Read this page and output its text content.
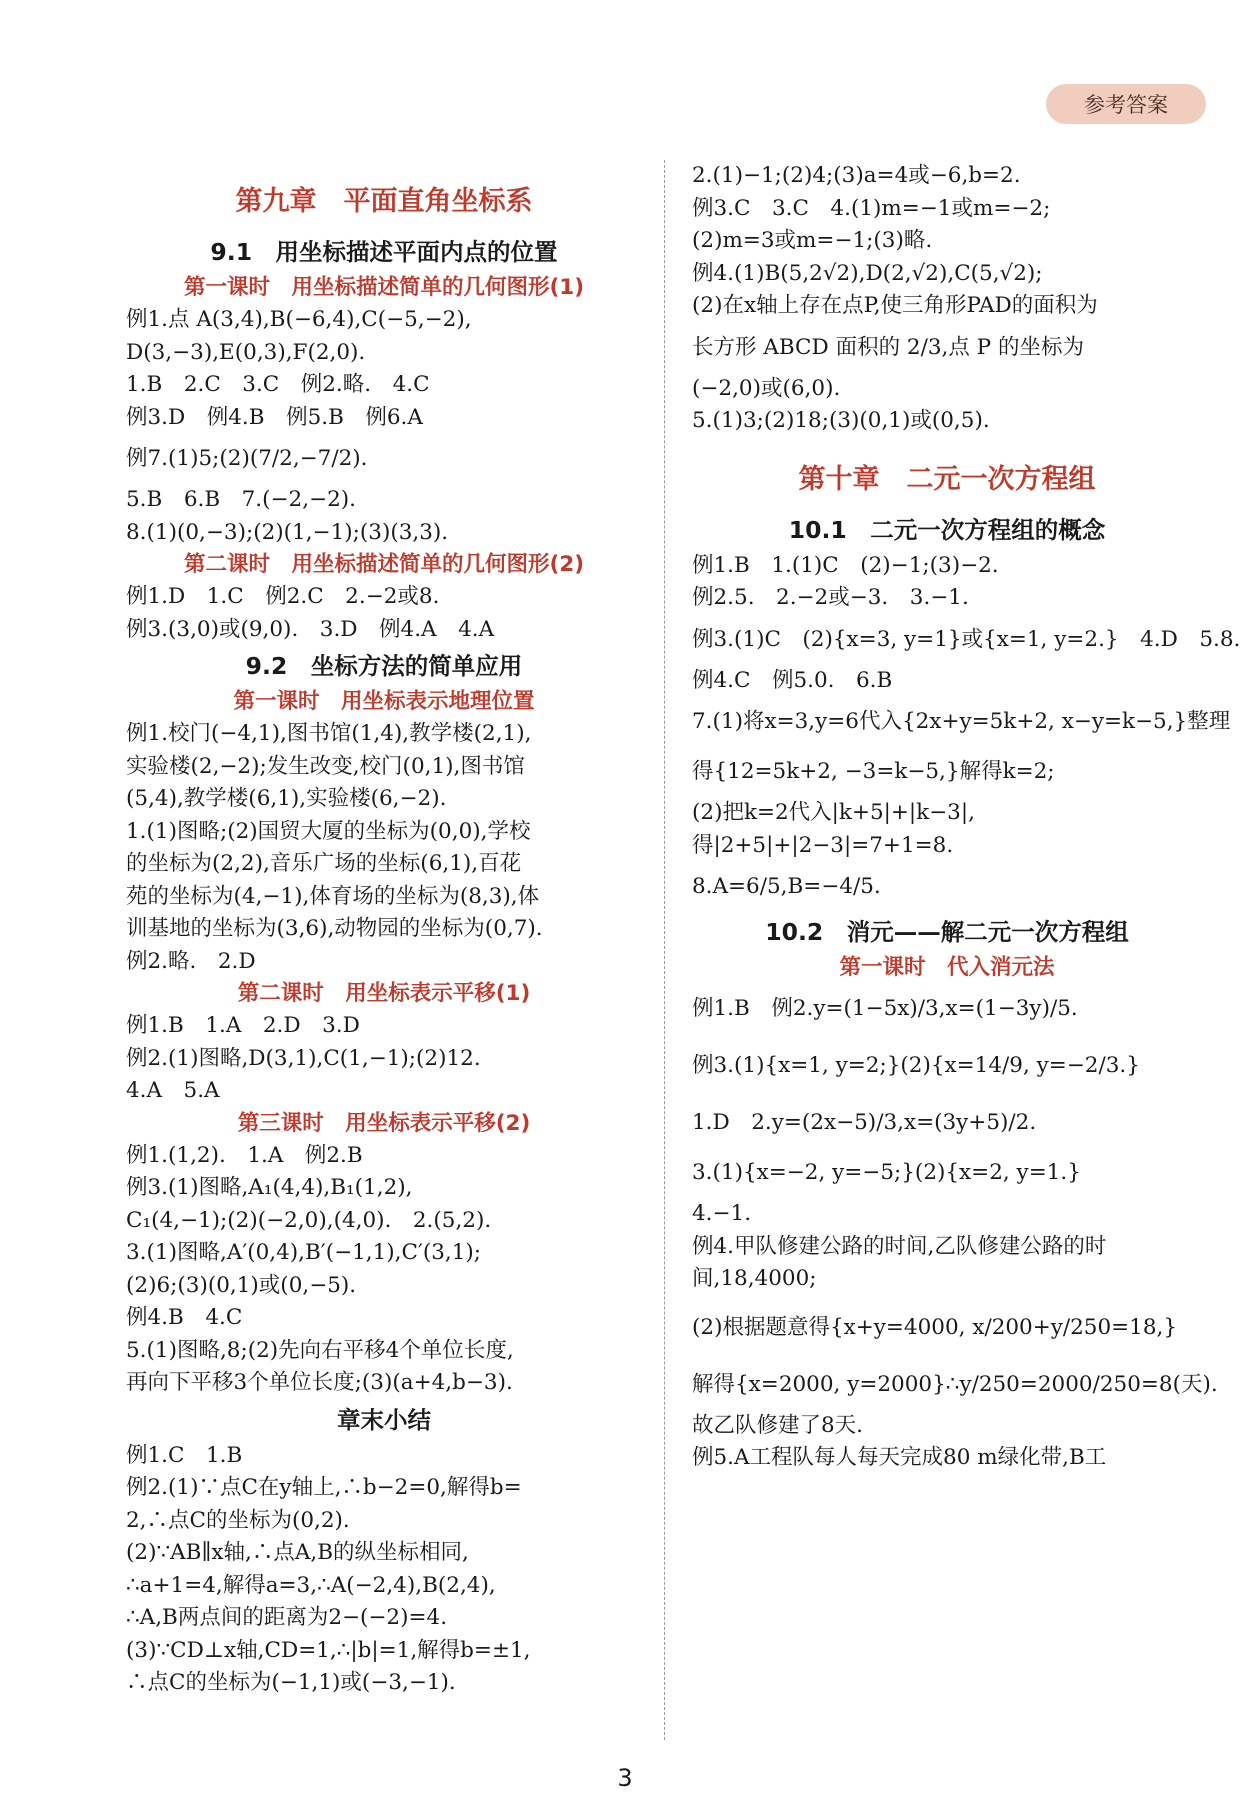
参考答案
第九章　平面直角坐标系
9.1　用坐标描述平面内点的位置
第一课时　用坐标描述简单的几何图形(1)
例1.点 A(3,4),B(−6,4),C(−5,−2),
D(3,−3),E(0,3),F(2,0).
1.B　2.C　3.C　例2.略.　4.C
例3.D　例4.B　例5.B　例6.A
例7.(1)5;(2)(7/2,−7/2).
5.B　6.B　7.(−2,−2).
8.(1)(0,−3);(2)(1,−1);(3)(3,3).
第二课时　用坐标描述简单的几何图形(2)
例1.D　1.C　例2.C　2.−2或8.
例3.(3,0)或(9,0).　3.D　例4.A　4.A
9.2　坐标方法的简单应用
第一课时　用坐标表示地理位置
例1.校门(−4,1),图书馆(1,4),教学楼(2,1),
实验楼(2,−2);发生改变,校门(0,1),图书馆
(5,4),教学楼(6,1),实验楼(6,−2).
1.(1)图略;(2)国贸大厦的坐标为(0,0),学校
的坐标为(2,2),音乐广场的坐标(6,1),百花
苑的坐标为(4,−1),体育场的坐标为(8,3),体
训基地的坐标为(3,6),动物园的坐标为(0,7).
例2.略.　2.D
第二课时　用坐标表示平移(1)
例1.B　1.A　2.D　3.D
例2.(1)图略,D(3,1),C(1,−1);(2)12.
4.A　5.A
第三课时　用坐标表示平移(2)
例1.(1,2).　1.A　例2.B
例3.(1)图略,A₁(4,4),B₁(1,2),
C₁(4,−1);(2)(−2,0),(4,0).　2.(5,2).
3.(1)图略,A′(0,4),B′(−1,1),C′(3,1);
(2)6;(3)(0,1)或(0,−5).
例4.B　4.C
5.(1)图略,8;(2)先向右平移4个单位长度,
再向下平移3个单位长度;(3)(a+4,b−3).
章末小结
例1.C　1.B
例2.(1)∵点C在y轴上,∴b−2=0,解得b=
2,∴点C的坐标为(0,2).
(2)∵AB∥x轴,∴点A,B的纵坐标相同,
∴a+1=4,解得a=3,∴A(−2,4),B(2,4),
∴A,B两点间的距离为2−(−2)=4.
(3)∵CD⊥x轴,CD=1,∴|b|=1,解得b=±1,
∴点C的坐标为(−1,1)或(−3,−1).
2.(1)−1;(2)4;(3)a=4或−6,b=2.
例3.C　3.C　4.(1)m=−1或m=−2;
(2)m=3或m=−1;(3)略.
例4.(1)B(5,2√2),D(2,√2),C(5,√2);
(2)在x轴上存在点P,使三角形PAD的面积为
长方形 ABCD 面积的 2/3,点 P 的坐标为
(−2,0)或(6,0).
5.(1)3;(2)18;(3)(0,1)或(0,5).
第十章　二元一次方程组
10.1　二元一次方程组的概念
例1.B　1.(1)C　(2)−1;(3)−2.
例2.5.　2.−2或−3.　3.−1.
例3.(1)C　(2){x=3, y=1}或{x=1, y=2.}　4.D　5.8.
例4.C　例5.0.　6.B
7.(1)将x=3,y=6代入{2x+y=5k+2, x−y=k−5,}整理
得{12=5k+2, −3=k−5,}解得k=2;
(2)把k=2代入|k+5|+|k−3|,
得|2+5|+|2−3|=7+1=8.
8.A=6/5,B=−4/5.
10.2　消元——解二元一次方程组
第一课时　代入消元法
例1.B　例2.y=(1−5x)/3,x=(1−3y)/5.
例3.(1){x=1, y=2;}(2){x=14/9, y=−2/3.}
1.D　2.y=(2x−5)/3,x=(3y+5)/2.
3.(1){x=−2, y=−5;}(2){x=2, y=1.}
4.−1.
例4.甲队修建公路的时间,乙队修建公路的时
间,18,4000;
(2)根据题意得{x+y=4000, x/200+y/250=18,}
解得{x=2000, y=2000}∴y/250=2000/250=8(天).
故乙队修建了8天.
例5.A工程队每人每天完成80 m绿化带,B工
3
